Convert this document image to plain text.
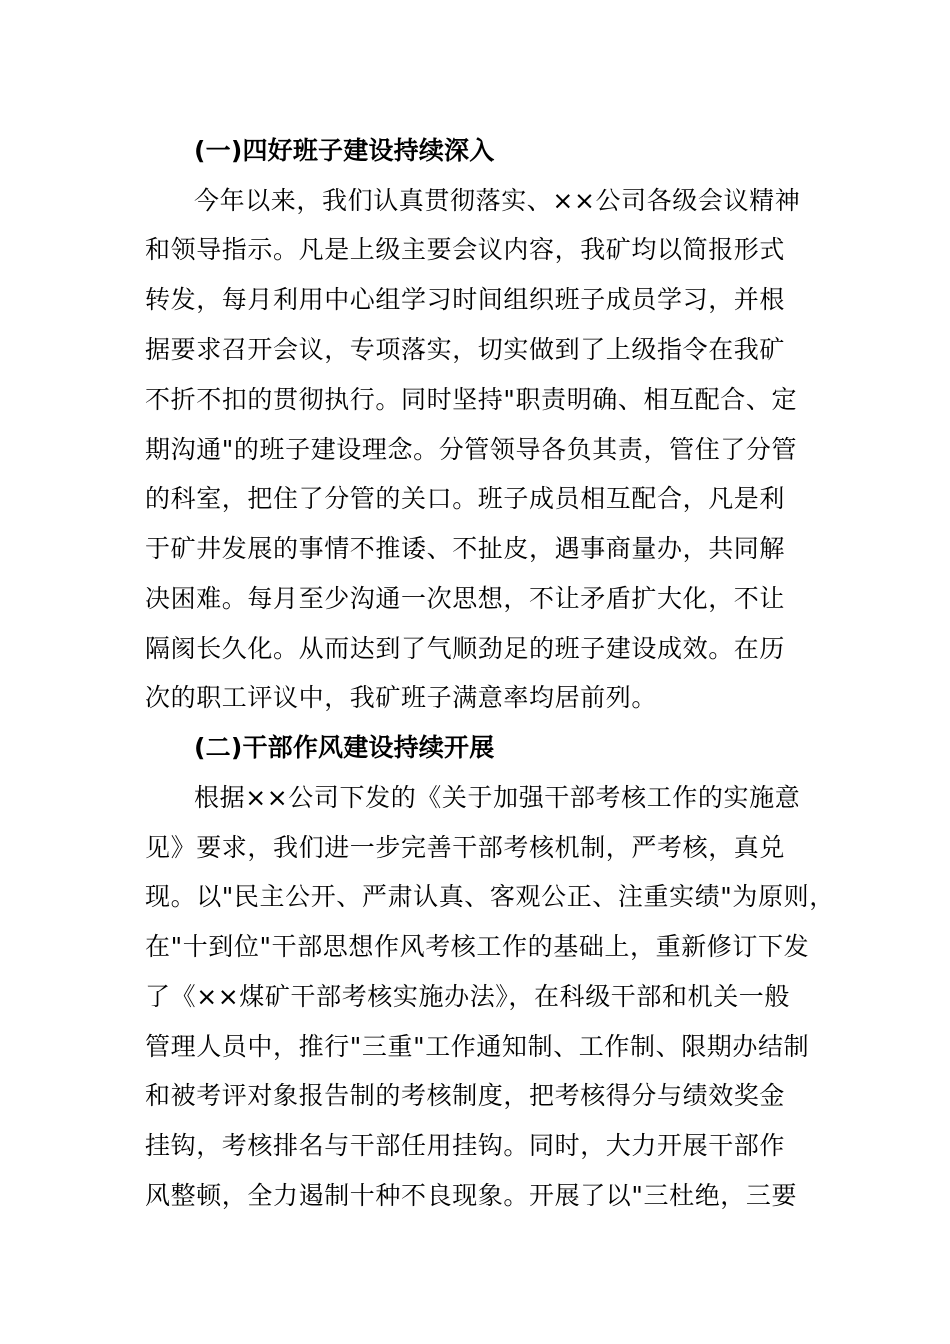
(一)四好班子建设持续深入
今年以来，我们认真贯彻落实、××公司各级会议精神
和领导指示。凡是上级主要会议内容，我矿均以简报形式
转发，每月利用中心组学习时间组织班子成员学习，并根
据要求召开会议，专项落实，切实做到了上级指令在我矿
不折不扣的贯彻执行。同时坚持"职责明确、相互配合、定
期沟通"的班子建设理念。分管领导各负其责，管住了分管
的科室，把住了分管的关口。班子成员相互配合，凡是利
于矿井发展的事情不推诿、不扯皮，遇事商量办，共同解
决困难。每月至少沟通一次思想，不让矛盾扩大化，不让
隔阂长久化。从而达到了气顺劲足的班子建设成效。在历
次的职工评议中，我矿班子满意率均居前列。
(二)干部作风建设持续开展
根据××公司下发的《关于加强干部考核工作的实施意
见》要求，我们进一步完善干部考核机制，严考核，真兑
现。以"民主公开、严肃认真、客观公正、注重实绩"为原则，
在"十到位"干部思想作风考核工作的基础上，重新修订下发
了《××煤矿干部考核实施办法》，在科级干部和机关一般
管理人员中，推行"三重"工作通知制、工作制、限期办结制
和被考评对象报告制的考核制度，把考核得分与绩效奖金
挂钩，考核排名与干部任用挂钩。同时，大力开展干部作
风整顿，全力遏制十种不良现象。开展了以"三杜绝，三要
